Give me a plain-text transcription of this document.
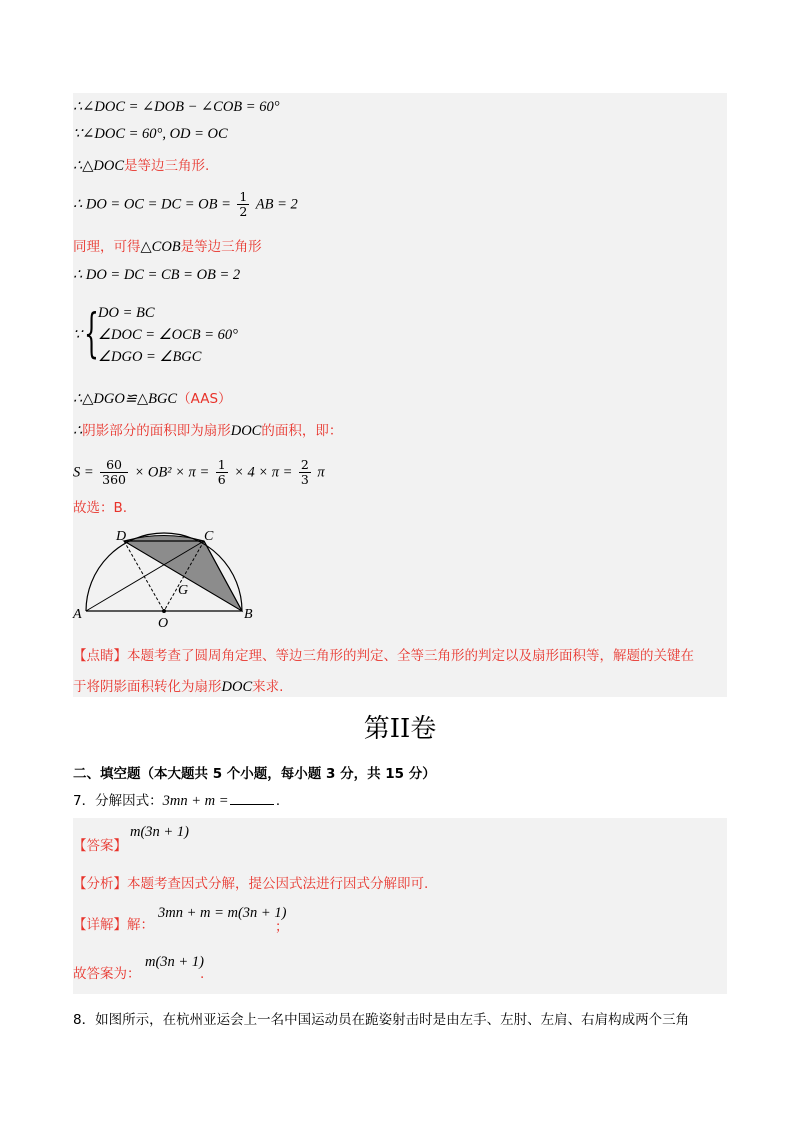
∴∠DOC = ∠DOB − ∠COB = 60°
∵∠DOC = 60°, OD = OC
∴△DOC是等边三角形.
∴ DO = OC = DC = OB = $\frac{1}{2}$ AB = 2
同理，可得△COB是等边三角形
∴ DO = DC = CB = OB = 2
∵ { DO = BC
∠DOC = ∠OCB = 60°
∠DGO = ∠BGC
∴△DGO≌△BGC（AAS）
∴阴影部分的面积即为扇形DOC的面积，即：
$S = \frac{60}{360} \times OB^2 \times \pi = \frac{1}{6} \times 4 \times \pi = \frac{2}{3}$ π
故选：B.
D	C
A	B
O
G
【点睛】本题考查了圆周角定理、等边三角形的判定、全等三角形的判定以及扇形面积等，解题的关键在
于将阴影面积转化为扇形DOC来求.
第II卷
二、填空题（本大题共 5 个小题，每小题 3 分，共 15 分）
7．分解因式：3mn + m =	.
m(3n + 1)
【答案】
【分析】本题考查因式分解，提公因式法进行因式分解即可.
3mn + m = m(3n + 1)
【详解】解：	；
m(3n + 1)
故答案为：	.
8．如图所示，在杭州亚运会上一名中国运动员在跪姿射击时是由左手、左肘、左肩、右肩构成两个三角
